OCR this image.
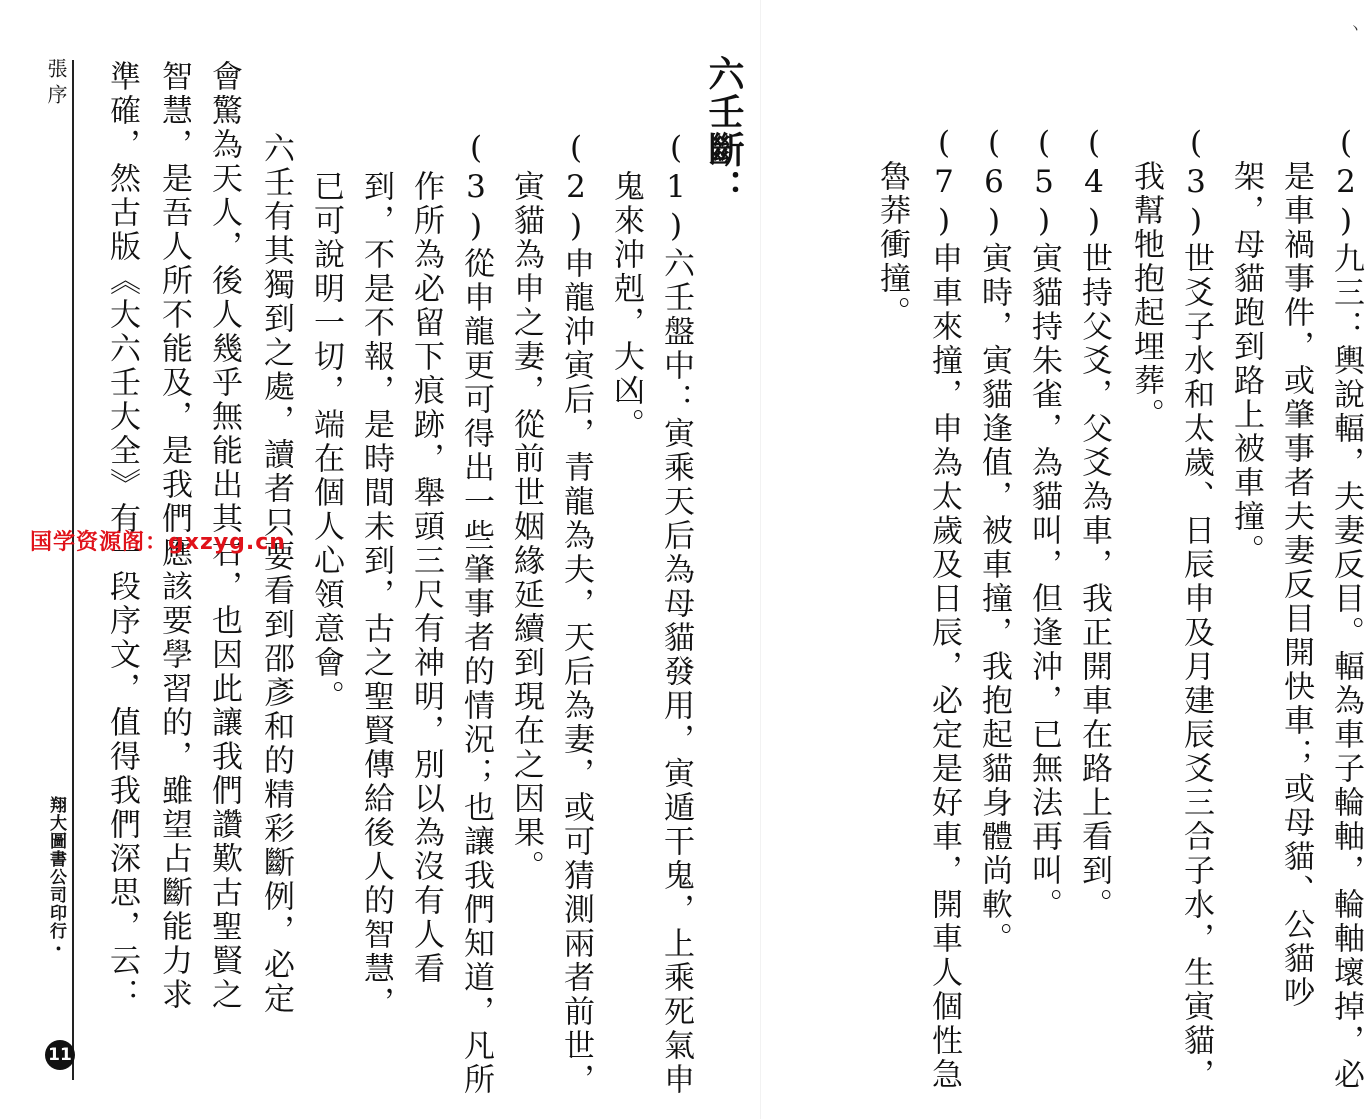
張序
翔大圖書公司印行・
11
準確，然古版《大六壬大全》有一段序文，值得我們深思，云： 智慧，是吾人所不能及，是我們應該要學習的，雖望占斷能力求 會驚為天人，後人幾乎無能出其右，也因此讓我們讚歎古聖賢之 六壬有其獨到之處，讀者只要看到邵彥和的精彩斷例，必定 已可說明一切，端在個人心領意會。 到，不是不報，是時間未到，古之聖賢傳給後人的智慧， 作所為必留下痕跡，舉頭三尺有神明，別以為沒有人看 (3)從申龍更可得出一些肇事者的情況；也讓我們知道，凡所 寅貓為申之妻，從前世姻緣延續到現在之因果。 (2)申龍沖寅后，青龍為夫，天后為妻，或可猜測兩者前世， 鬼來沖剋，大凶。 (1)六壬盤中：寅乘天后為母貓發用，寅遁干鬼，上乘死氣申 六壬斷：
国学资源阁：gxzyg.cn
魯莽衝撞。 (7)申車來撞，申為太歲及日辰，必定是好車，開車人個性急 (6)寅時，寅貓逢值，被車撞，我抱起貓身體尚軟。 (5)寅貓持朱雀，為貓叫，但逢沖，已無法再叫。 (4)世持父爻，父爻為車，我正開車在路上看到。 我幫牠抱起埋葬。 (3)世爻子水和太歲、日辰申及月建辰爻三合子水，生寅貓， 架，母貓跑到路上被車撞。 是車禍事件，或肇事者夫妻反目開快車；或母貓、公貓吵 (2)九三：輿說輻，夫妻反目。輻為車子輪軸，輪軸壞掉，必
ヽ
